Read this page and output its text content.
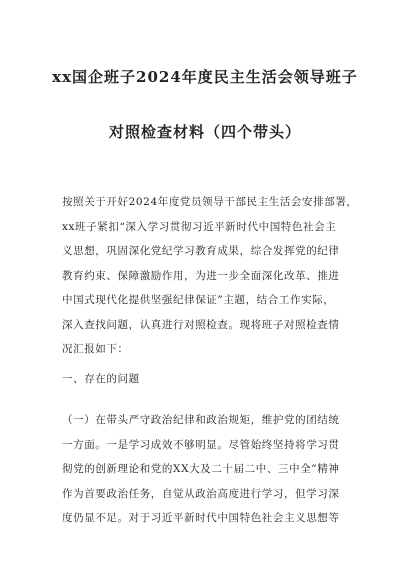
xx国企班子2024年度民主生活会领导班子
对照检查材料（四个带头）
按照关于开好2024年度党员领导干部民主生活会安排部署，
xx班子紧扣“深入学习贯彻习近平新时代中国特色社会主
义思想，巩固深化党纪学习教育成果，综合发挥党的纪律
教育约束、保障激励作用，为进一步全面深化改革、推进
中国式现代化提供坚强纪律保证”主题，结合工作实际，
深入查找问题，认真进行对照检查。现将班子对照检查情
况汇报如下：
一、存在的问题
（一）在带头严守政治纪律和政治规矩，维护党的团结统
一方面。一是学习成效不够明显。尽管始终坚持将学习贯
彻党的创新理论和党的XX大及二十届二中、三中全”精神
作为首要政治任务，自觉从政治高度进行学习，但学习深
度仍显不足。对于习近平新时代中国特色社会主义思想等
